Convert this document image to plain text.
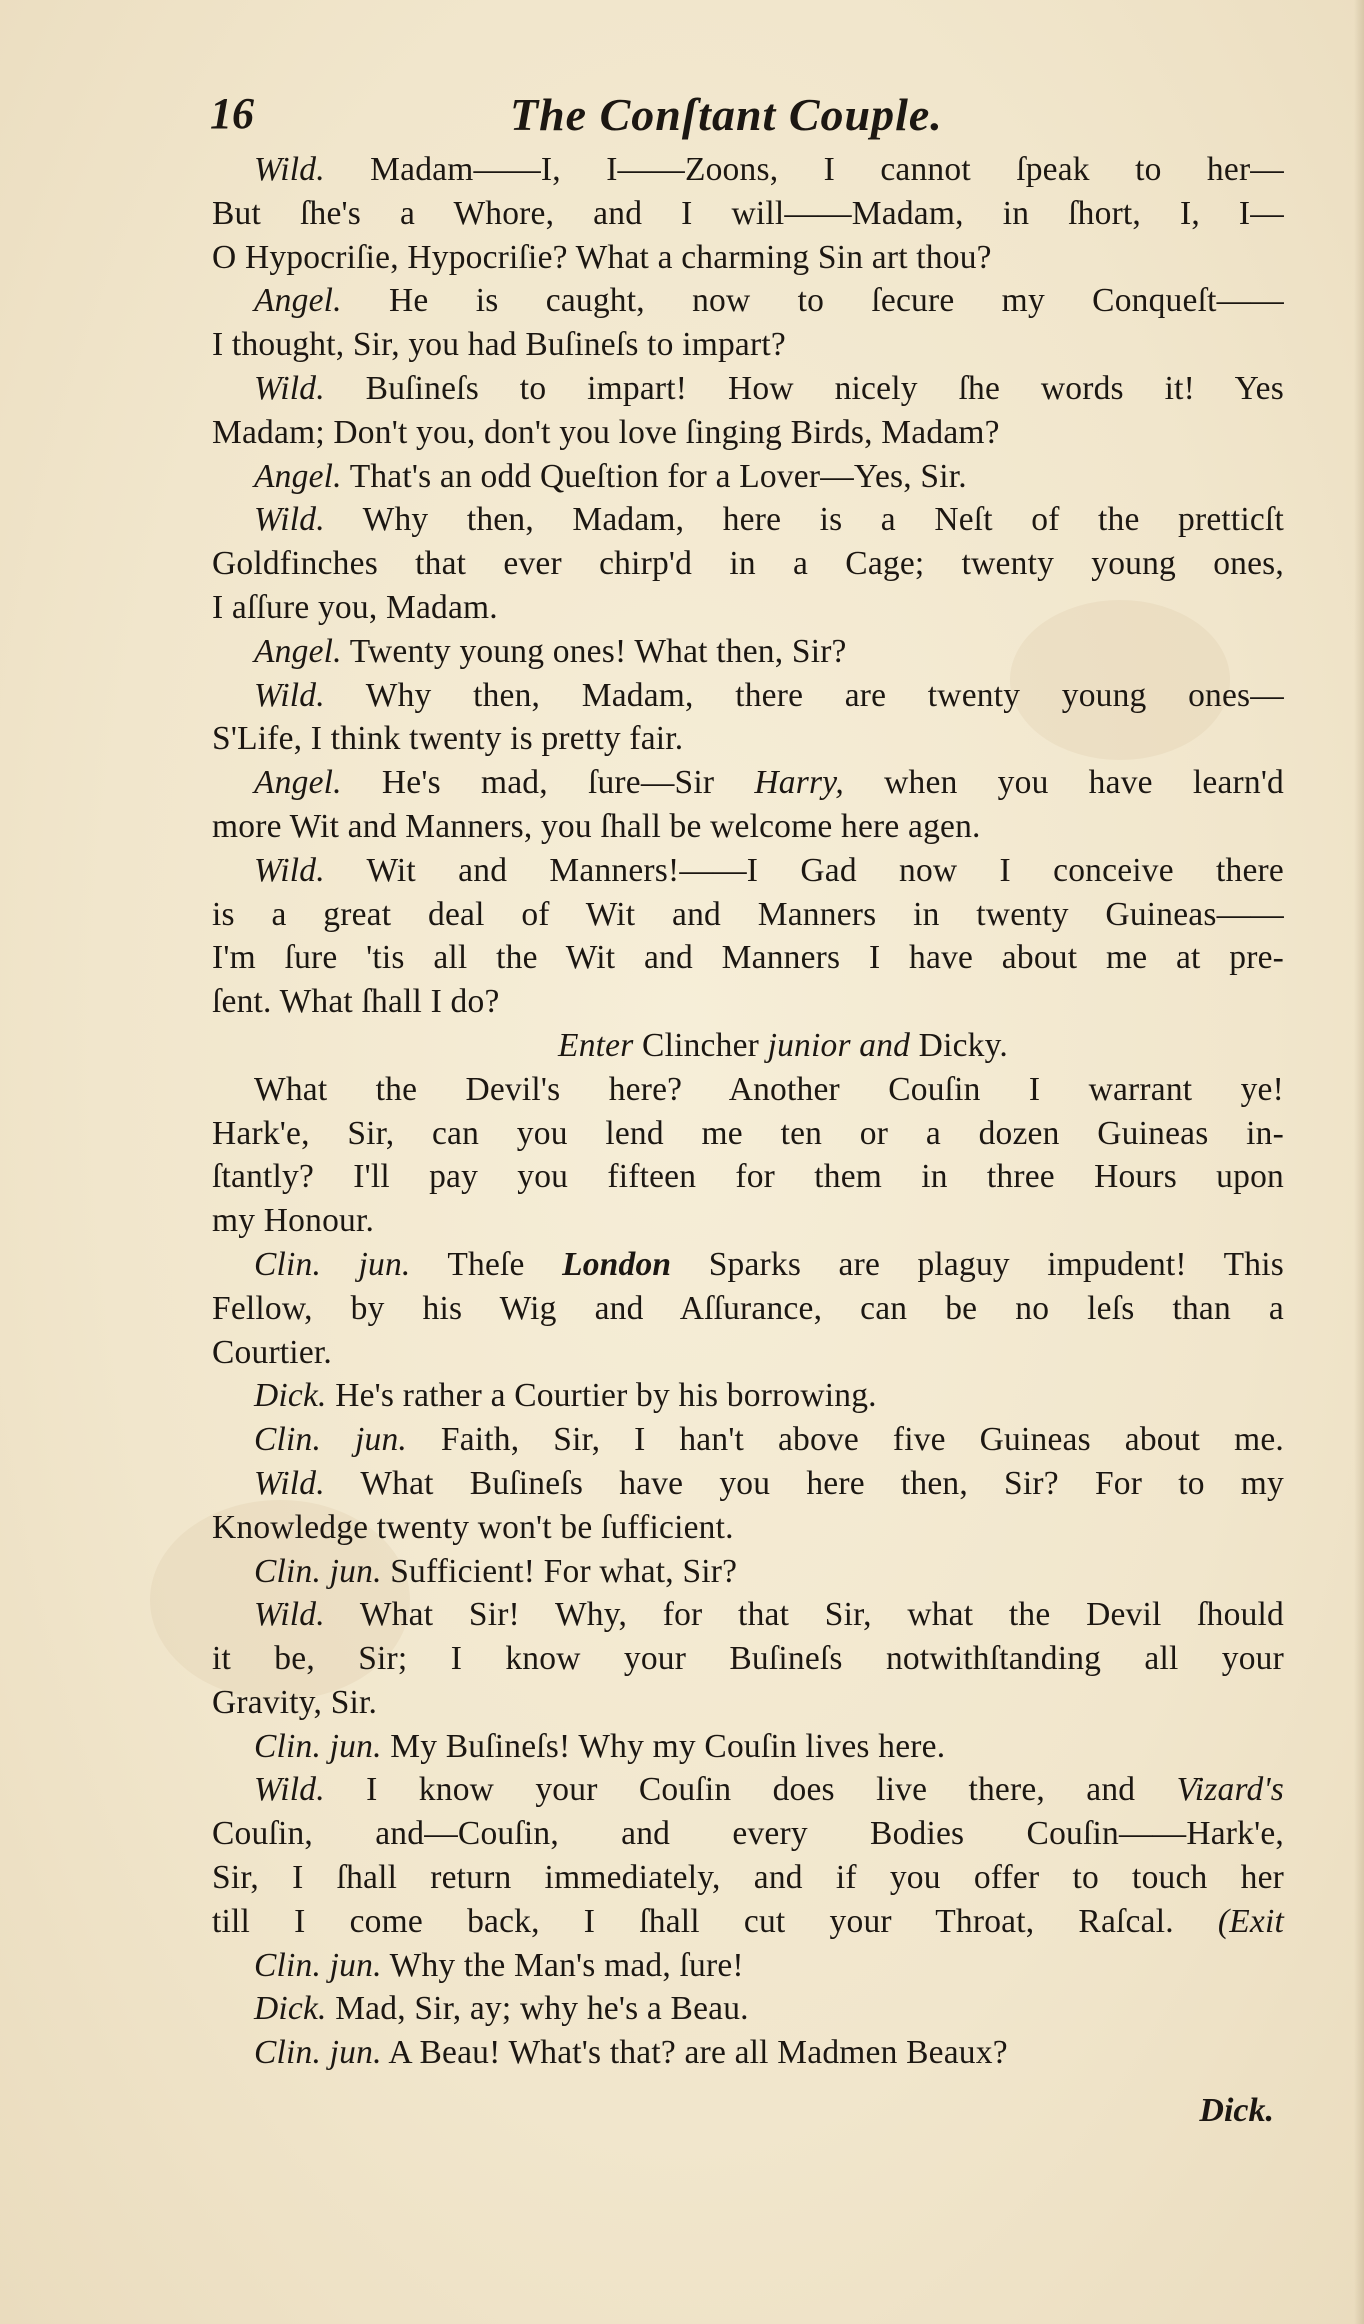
16	The Conſtant Couple.
Wild. Madam——I, I——Zoons, I cannot ſpeak to her—
But ſhe's a Whore, and I will——Madam, in ſhort, I, I—
O Hypocriſie, Hypocriſie? What a charming Sin art thou?
Angel. He is caught, now to ſecure my Conqueſt——
I thought, Sir, you had Buſineſs to impart?
Wild. Buſineſs to impart! How nicely ſhe words it! Yes
Madam; Don't you, don't you love ſinging Birds, Madam?
Angel. That's an odd Queſtion for a Lover—Yes, Sir.
Wild. Why then, Madam, here is a Neſt of the pretticſt
Goldfinches that ever chirp'd in a Cage; twenty young ones,
I aſſure you, Madam.
Angel. Twenty young ones! What then, Sir?
Wild. Why then, Madam, there are twenty young ones—
S'Life, I think twenty is pretty fair.
Angel. He's mad, ſure—Sir Harry, when you have learn'd
more Wit and Manners, you ſhall be welcome here agen.
Wild. Wit and Manners!——I Gad now I conceive there
is a great deal of Wit and Manners in twenty Guineas——
I'm ſure 'tis all the Wit and Manners I have about me at pre-
ſent. What ſhall I do?
Enter Clincher junior and Dicky.
What the Devil's here? Another Couſin I warrant ye!
Hark'e, Sir, can you lend me ten or a dozen Guineas in-
ſtantly? I'll pay you fifteen for them in three Hours upon
my Honour.
Clin. jun. Theſe London Sparks are plaguy impudent! This
Fellow, by his Wig and Aſſurance, can be no leſs than a
Courtier.
Dick. He's rather a Courtier by his borrowing.
Clin. jun. Faith, Sir, I han't above five Guineas about me.
Wild. What Buſineſs have you here then, Sir? For to my
Knowledge twenty won't be ſufficient.
Clin. jun. Sufficient! For what, Sir?
Wild. What Sir! Why, for that Sir, what the Devil ſhould
it be, Sir; I know your Buſineſs notwithſtanding all your
Gravity, Sir.
Clin. jun. My Buſineſs! Why my Couſin lives here.
Wild. I know your Couſin does live there, and Vizard's
Couſin, and—Couſin, and every Bodies Couſin——Hark'e,
Sir, I ſhall return immediately, and if you offer to touch her
till I come back, I ſhall cut your Throat, Raſcal. (Exit
Clin. jun. Why the Man's mad, ſure!
Dick. Mad, Sir, ay; why he's a Beau.
Clin. jun. A Beau! What's that? are all Madmen Beaux?
Dick.
